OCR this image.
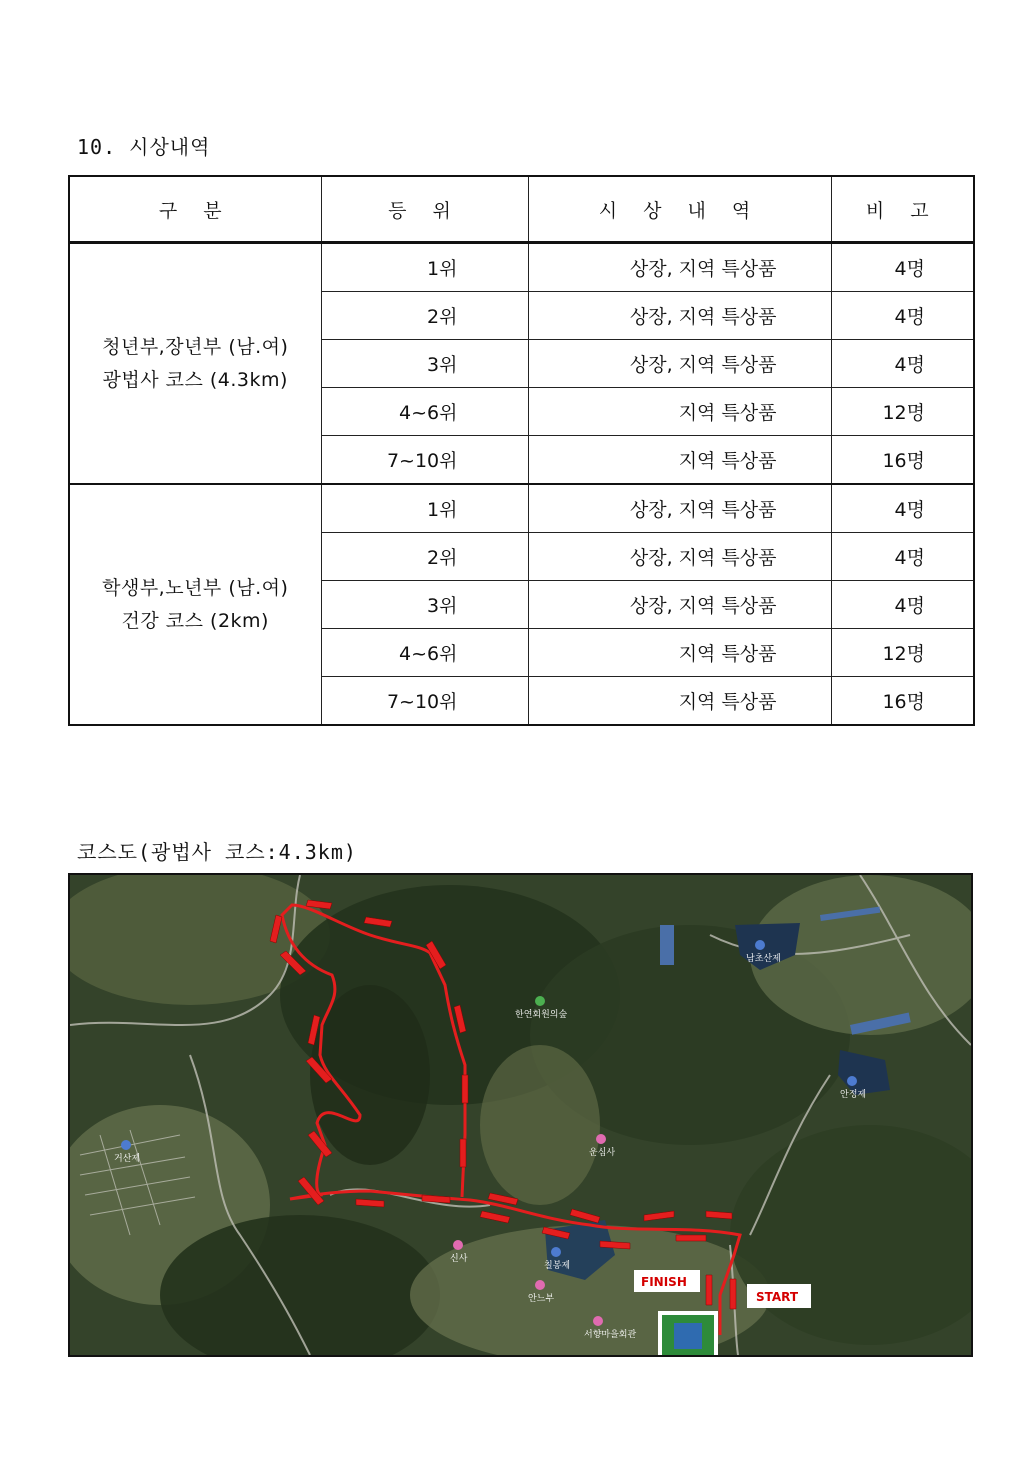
10. 시상내역
구 분	등 위	시 상 내 역	비 고

청년부,장년부 (남.여)
광법사 코스 (4.3km)	1위	상장, 지역 특상품	4명
	2위	상장, 지역 특상품	4명
	3위	상장, 지역 특상품	4명
	4~6위	지역 특상품	12명
	7~10위	지역 특상품	16명

학생부,노년부 (남.여)
건강 코스 (2km)	1위	상장, 지역 특상품	4명
	2위	상장, 지역 특상품	4명
	3위	상장, 지역 특상품	4명
	4~6위	지역 특상품	12명
	7~10위	지역 특상품	16명
코스도(광법사 코스:4.3km)
남초산제
한연회원의숲
안정제
거산제
운심사
신사
칠봉제
안느부
서향마을회관
FINISH
START
